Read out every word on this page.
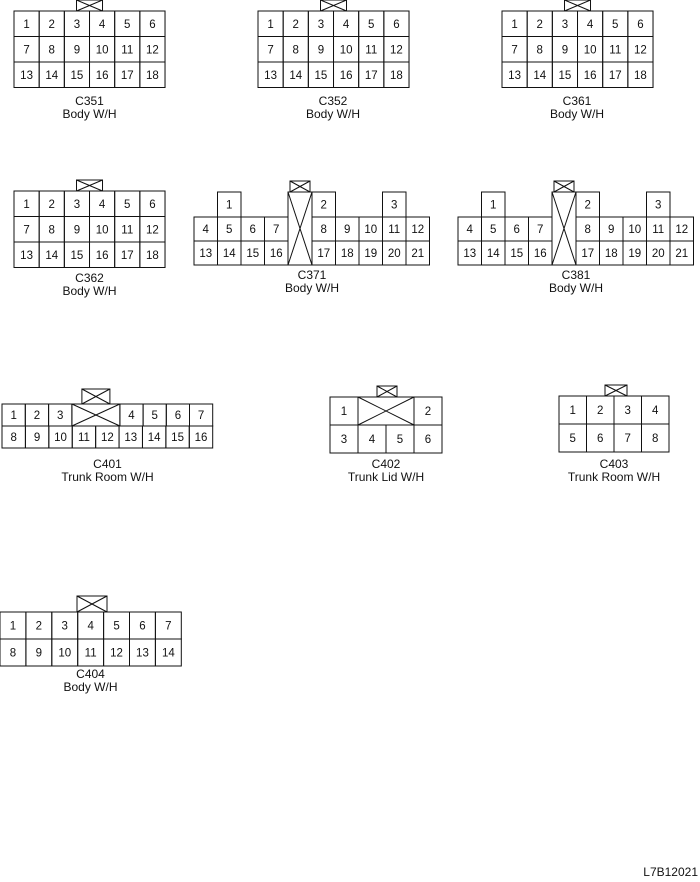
1 2 3 4 5 6
7 8 9 10 11 12
13 14 15 16 17 18
1 2 3 4 5 6
7 8 9 10 11 12
13 14 15 16 17 18
1 2 3 4 5 6
7 8 9 10 11 12
13 14 15 16 17 18
1 2 3 4 5 6
7 8 9 10 11 12
13 14 15 16 17 18
1	2	3
4 5 6 7	8 9 10 11 12
13 14 15 16	17 18 19 20 21
1	2	3
4 5 6 7	8 9 10 11 12
13 14 15 16	17 18 19 20 21
1 2 3	4 5 6 7
8 9 10 11 12 13 14 15 16
1	2
3 4 5 6
1 2 3 4
5 6 7 8
1 2 3 4 5 6 7
8 9 10 11 12 13 14
C351
Body W/H
C352
Body W/H
C361
Body W/H
C362
Body W/H
C371
Body W/H
C381
Body W/H
C401
Trunk Room W/H
C402
Trunk Lid W/H
C403
Trunk Room W/H
C404
Body W/H
L7B12021
